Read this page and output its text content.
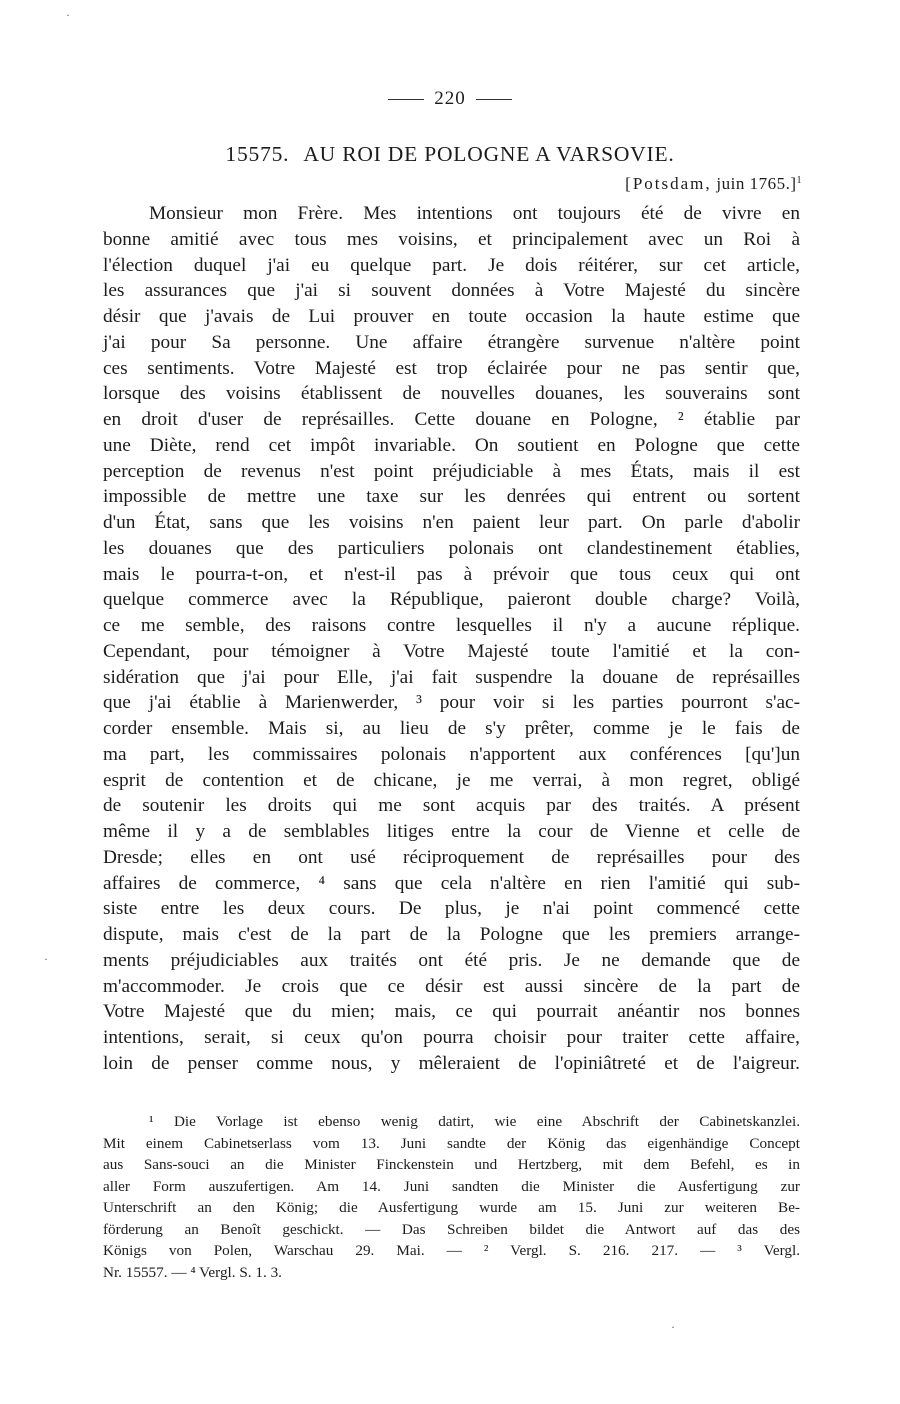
220
15575. AU ROI DE POLOGNE A VARSOVIE.
[Potsdam, juin 1765.]$^1$
Monsieur mon Frère. Mes intentions ont toujours été de vivre en
bonne amitié avec tous mes voisins, et principalement avec un Roi à
l'élection duquel j'ai eu quelque part. Je dois réitérer, sur cet article,
les assurances que j'ai si souvent données à Votre Majesté du sincère
désir que j'avais de Lui prouver en toute occasion la haute estime que
j'ai pour Sa personne. Une affaire étrangère survenue n'altère point
ces sentiments. Votre Majesté est trop éclairée pour ne pas sentir que,
lorsque des voisins établissent de nouvelles douanes, les souverains sont
en droit d'user de représailles. Cette douane en Pologne, ² établie par
une Diète, rend cet impôt invariable. On soutient en Pologne que cette
perception de revenus n'est point préjudiciable à mes États, mais il est
impossible de mettre une taxe sur les denrées qui entrent ou sortent
d'un État, sans que les voisins n'en paient leur part. On parle d'abolir
les douanes que des particuliers polonais ont clandestinement établies,
mais le pourra-t-on, et n'est-il pas à prévoir que tous ceux qui ont
quelque commerce avec la République, paieront double charge? Voilà,
ce me semble, des raisons contre lesquelles il n'y a aucune réplique.
Cependant, pour témoigner à Votre Majesté toute l'amitié et la con-
sidération que j'ai pour Elle, j'ai fait suspendre la douane de représailles
que j'ai établie à Marienwerder, ³ pour voir si les parties pourront s'ac-
corder ensemble. Mais si, au lieu de s'y prêter, comme je le fais de
ma part, les commissaires polonais n'apportent aux conférences [qu']un
esprit de contention et de chicane, je me verrai, à mon regret, obligé
de soutenir les droits qui me sont acquis par des traités. A présent
même il y a de semblables litiges entre la cour de Vienne et celle de
Dresde; elles en ont usé réciproquement de représailles pour des
affaires de commerce, ⁴ sans que cela n'altère en rien l'amitié qui sub-
siste entre les deux cours. De plus, je n'ai point commencé cette
dispute, mais c'est de la part de la Pologne que les premiers arrange-
ments préjudiciables aux traités ont été pris. Je ne demande que de
m'accommoder. Je crois que ce désir est aussi sincère de la part de
Votre Majesté que du mien; mais, ce qui pourrait anéantir nos bonnes
intentions, serait, si ceux qu'on pourra choisir pour traiter cette affaire,
loin de penser comme nous, y mêleraient de l'opiniâtreté et de l'aigreur.
¹ Die Vorlage ist ebenso wenig datirt, wie eine Abschrift der Cabinetskanzlei.
Mit einem Cabinetserlass vom 13. Juni sandte der König das eigenhändige Concept
aus Sans-souci an die Minister Finckenstein und Hertzberg, mit dem Befehl, es in
aller Form auszufertigen. Am 14. Juni sandten die Minister die Ausfertigung zur
Unterschrift an den König; die Ausfertigung wurde am 15. Juni zur weiteren Be-
förderung an Benoît geschickt. — Das Schreiben bildet die Antwort auf das des
Königs von Polen, Warschau 29. Mai. — ² Vergl. S. 216. 217. — ³ Vergl.
Nr. 15557. — ⁴ Vergl. S. 1. 3.
·
·
·
